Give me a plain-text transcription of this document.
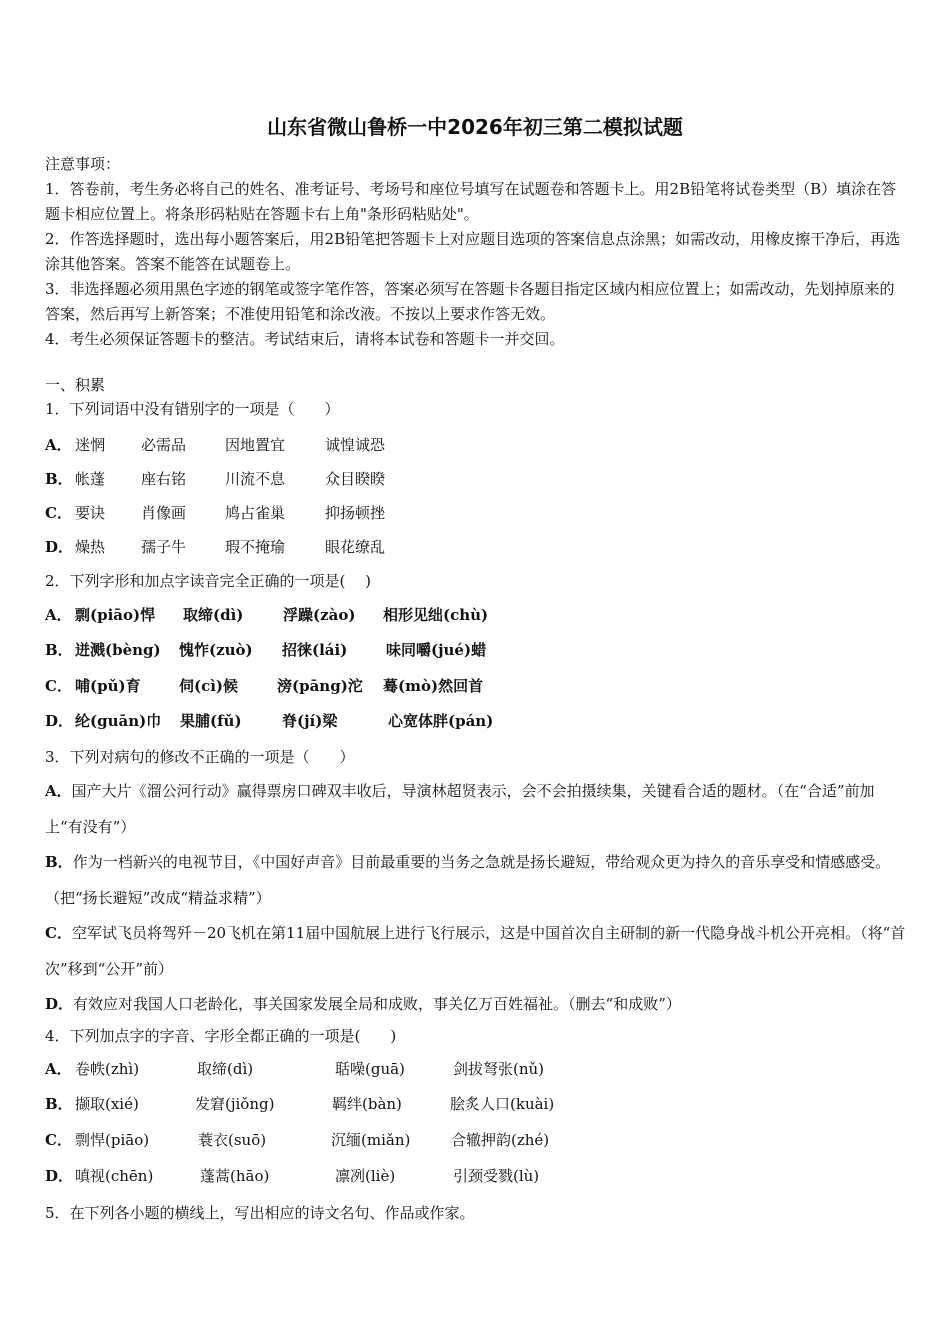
山东省微山鲁桥一中2026年初三第二模拟试题

注意事项：

1．答卷前，考生务必将自己的姓名、准考证号、考场号和座位号填写在试题卷和答题卡上。用2B铅笔将试卷类型（B）填涂在答题卡相应位置上。将条形码粘贴在答题卡右上角"条形码粘贴处"。

2．作答选择题时，选出每小题答案后，用2B铅笔把答题卡上对应题目选项的答案信息点涂黑；如需改动，用橡皮擦干净后，再选涂其他答案。答案不能答在试题卷上。

3．非选择题必须用黑色字迹的钢笔或签字笔作答，答案必须写在答题卡各题目指定区域内相应位置上；如需改动，先划掉原来的答案，然后再写上新答案；不准使用铅笔和涂改液。不按以上要求作答无效。

4．考生必须保证答题卡的整洁。考试结束后，请将本试卷和答题卡一并交回。

一、积累
1．下列词语中没有错别字的一项是（　　）
A． 迷惘	必需品	因地置宜	诚惶诚恐
B． 帐蓬	座右铭	川流不息	众目睽睽
C． 要诀	肖像画	鸠占雀巢	抑扬顿挫
D． 燥热	孺子牛	瑕不掩瑜	眼花缭乱
2．下列字形和加点字读音完全正确的一项是(　 )
A． 剽(piāo)悍	取缔(dì)	浮躁(zào)	相形见绌(chù)
B． 迸溅(bèng)	愧怍(zuò)	招徕(lái)	味同嚼(jué)蜡
C． 哺(pǔ)育	伺(cì)候	滂(pāng)沱	蓦(mò)然回首
D． 纶(guān)巾	果脯(fǔ)	脊(jí)梁	心宽体胖(pán)
3．下列对病句的修改不正确的一项是（　　）
A．国产大片《溜公河行动》赢得票房口碑双丰收后，导演林超贤表示，会不会拍摄续集，关键看合适的题材。（在“合适”前加上“有没有”）
B．作为一档新兴的电视节目，《中国好声音》目前最重要的当务之急就是扬长避短，带给观众更为持久的音乐享受和情感感受。（把“扬长避短”改成“精益求精”）
C．空军试飞员将驾歼－20飞机在第11届中国航展上进行飞行展示，这是中国首次自主研制的新一代隐身战斗机公开亮相。（将“首次”移到“公开”前）
D．有效应对我国人口老龄化，事关国家发展全局和成败，事关亿万百姓福祉。（删去“和成败”）
4．下列加点字的字音、字形全都正确的一项是(　　)
A． 卷帙(zhì)	取缔(dì)	聒噪(guā)	剑拔弩张(nǔ)
B． 撷取(xié)	发窘(jiǒng)	羁绊(bàn)	脍炙人口(kuài)
C． 剽悍(piāo)	蓑衣(suō)	沉缅(miǎn)	合辙押韵(zhé)
D． 嗔视(chēn)	蓬蒿(hāo)	凛冽(liè)	引颈受戮(lù)
5．在下列各小题的横线上，写出相应的诗文名句、作品或作家。
